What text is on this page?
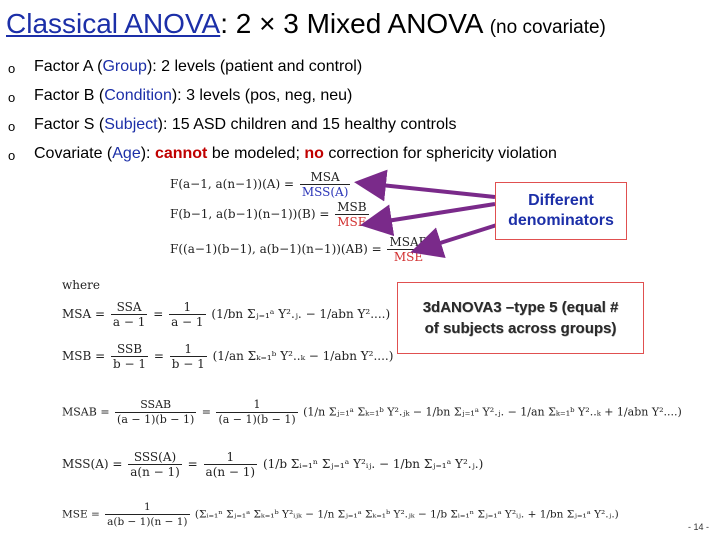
Classical ANOVA: 2 × 3 Mixed ANOVA (no covariate)
o Factor A (Group): 2 levels (patient and control)
o Factor B (Condition): 3 levels (pos, neg, neu)
o Factor S (Subject): 15 ASD children and 15 healthy controls
o Covariate (Age): cannot be modeled; no correction for sphericity violation
F(a−1, $a(n-1))(A) = \frac{\text{MSA}}{\text{MSS(A)}}$
F(b−1, $a(b-1)(n-1))(B) = \frac{\text{MSB}}{\text{MSE}}$
F((a−1)(b−1), $a(b-1)(n-1))(AB) = \frac{\text{MSAB}}{\text{MSE}}$
where
MSA = $\frac{\text{SSA}}{a - 1} = \frac{1}{a - 1} (1/bn$ Σⱼ₌₁ᵃ Y².ⱼ. − 1/abn Y²....)
MSB = $\frac{\text{SSB}}{b - 1} = \frac{1}{b - 1} (1/an$ Σₖ₌₁ᵇ Y²..ₖ − 1/abn Y²....)
MSAB = $\frac{\text{SSAB}}{(a - 1)(b - 1)} = \frac{1}{(a - 1)(b - 1)} (1/n$ Σⱼ₌₁ᵃ Σₖ₌₁ᵇ Y².ⱼₖ − 1/bn Σⱼ₌₁ᵃ Y².ⱼ. − 1/an Σₖ₌₁ᵇ Y²..ₖ + 1/abn Y²....)
$MSS(A) = \frac{\text{SSS(A)}}{a(n - 1)} = \frac{1}{a(n - 1)} (1/b$ Σᵢ₌₁ⁿ Σⱼ₌₁ᵃ Y²ᵢⱼ. − 1/bn Σⱼ₌₁ᵃ Y².ⱼ.)
MSE = $\frac{1}{a(b - 1)(n - 1)}$ (Σᵢ₌₁ⁿ Σⱼ₌₁ᵃ Σₖ₌₁ᵇ Y²ᵢⱼₖ − 1/n Σⱼ₌₁ᵃ Σₖ₌₁ᵇ Y².ⱼₖ − 1/b Σᵢ₌₁ⁿ Σⱼ₌₁ᵃ Y²ᵢⱼ. + 1/bn Σⱼ₌₁ᵃ Y².ⱼ.)
Different
denominators
3dANOVA3 –type 5 (equal #
of subjects across groups)
- 14 -
